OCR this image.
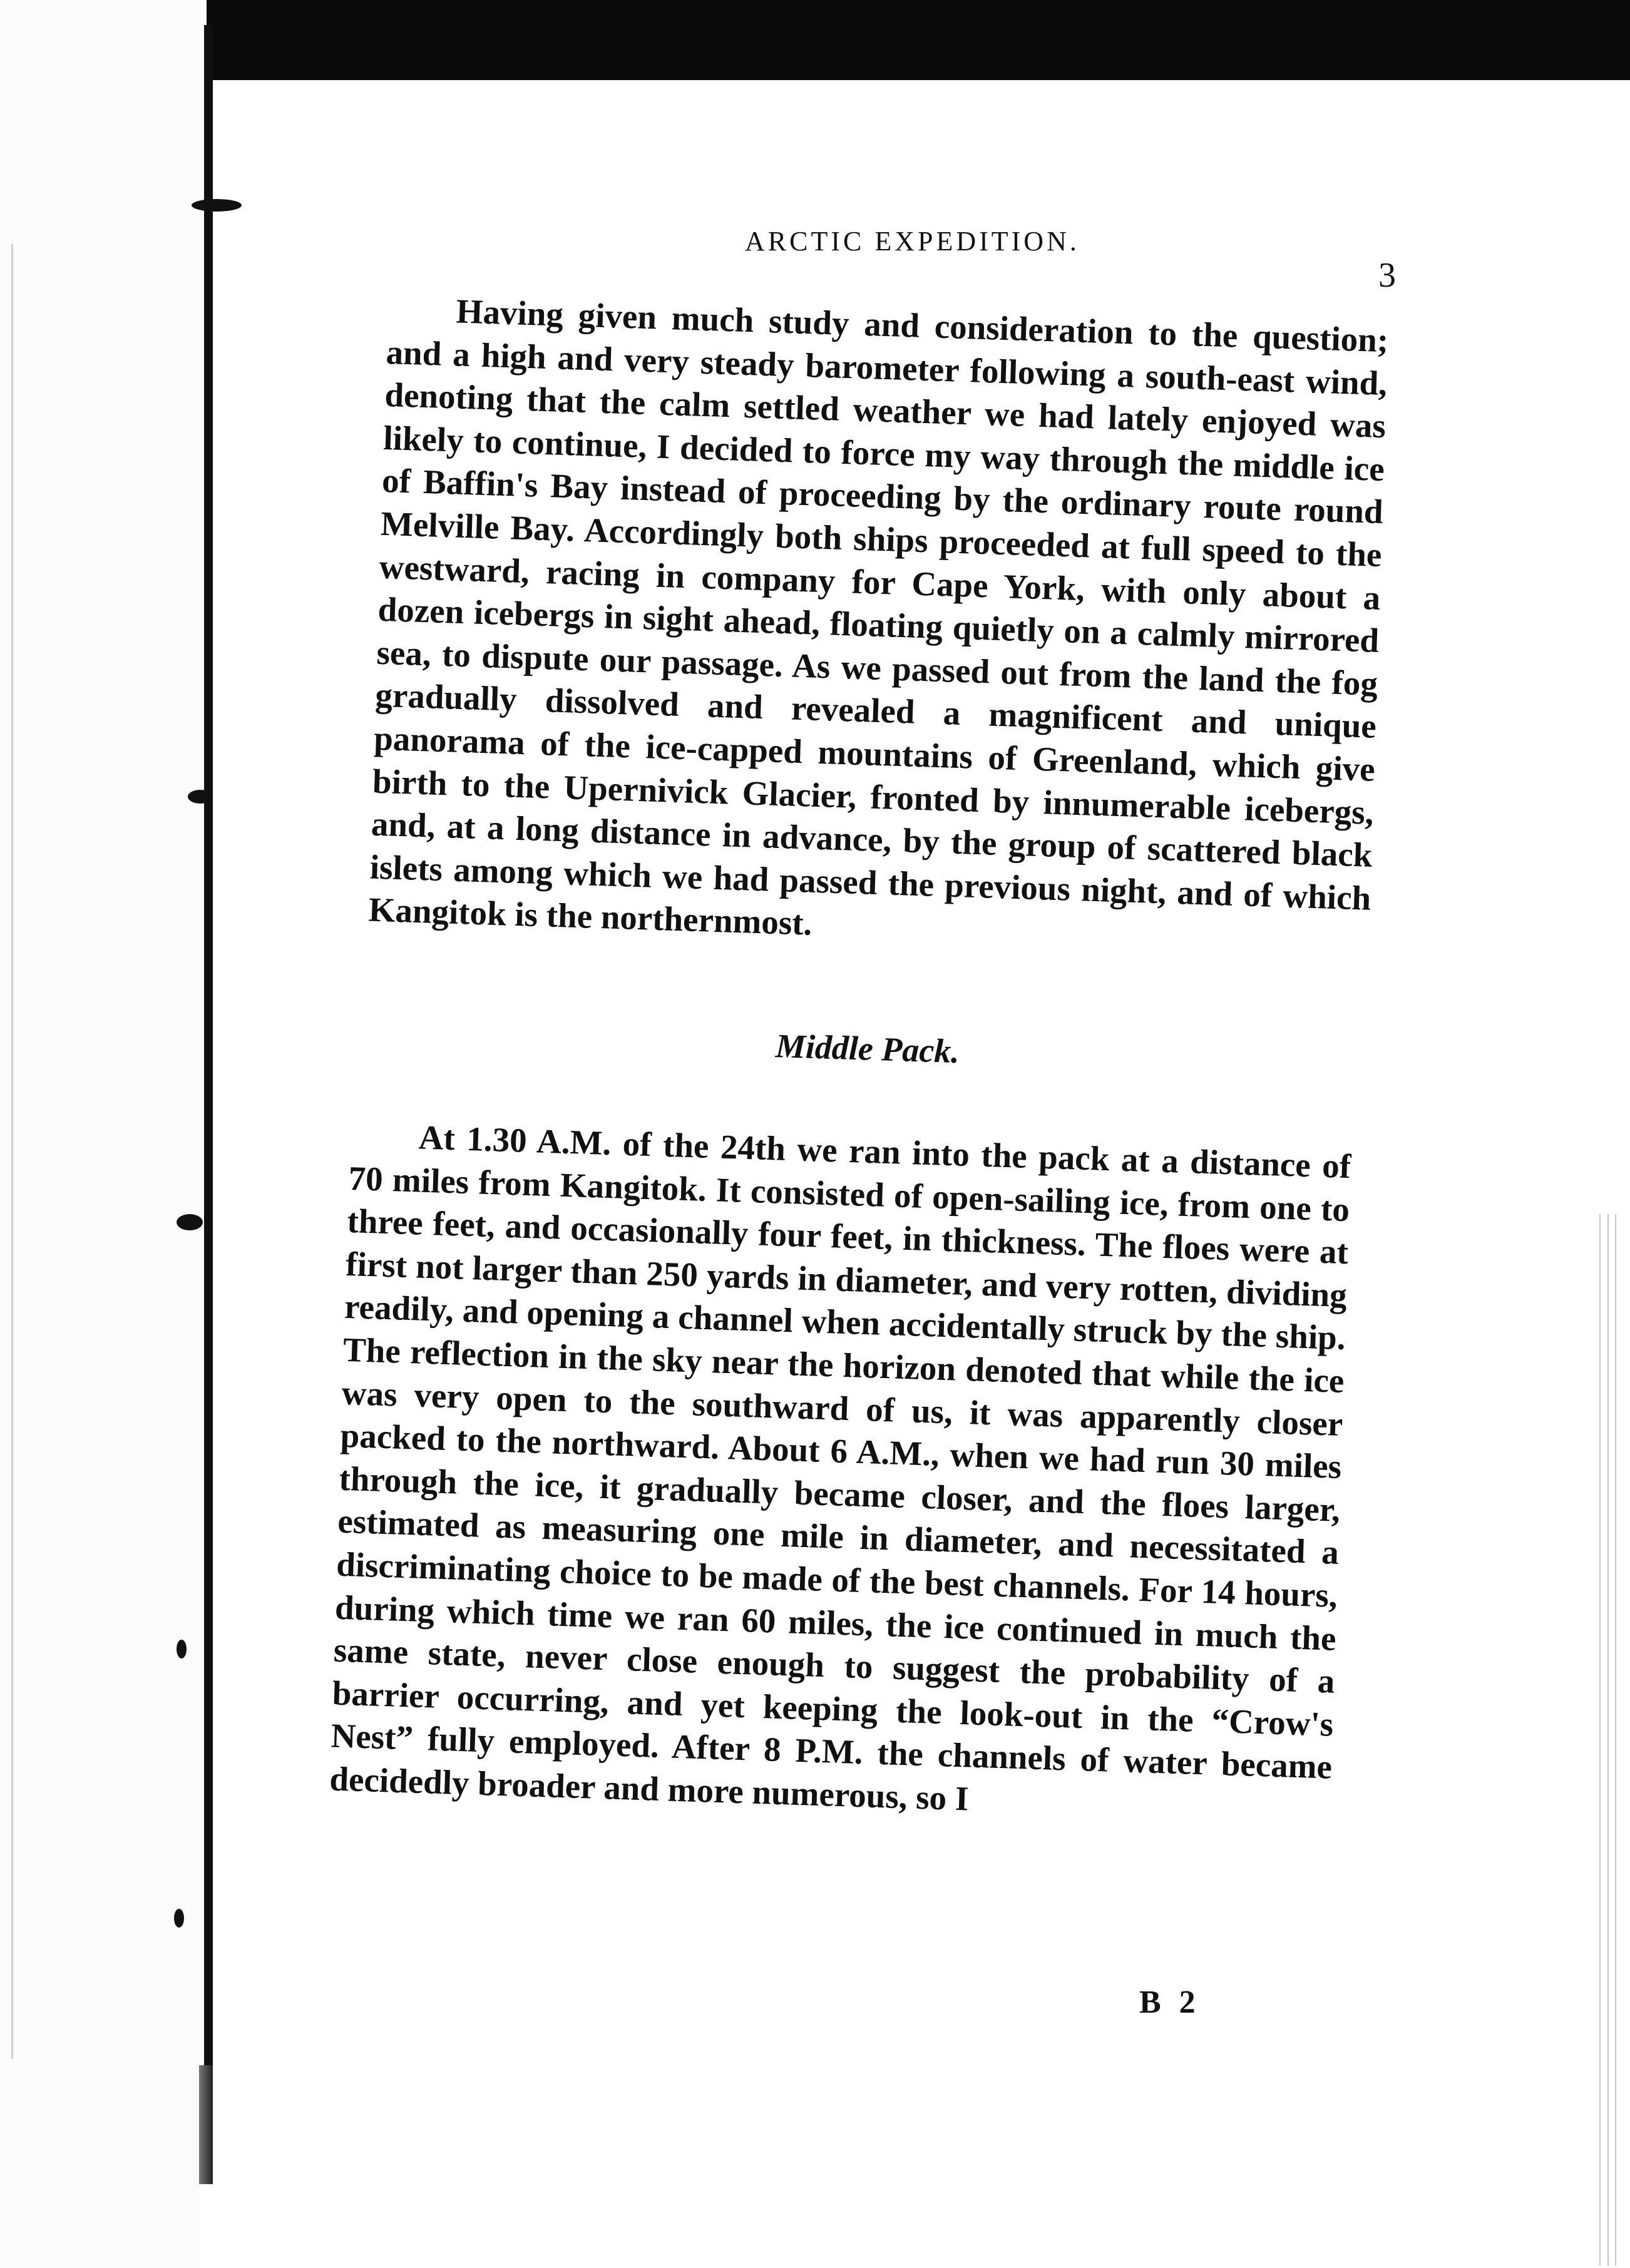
ARCTIC EXPEDITION.
3

Having given much study and consideration to the question; and a high and very steady barometer following a south-east wind, denoting that the calm settled weather we had lately enjoyed was likely to continue, I decided to force my way through the middle ice of Baffin's Bay instead of proceeding by the ordinary route round Melville Bay. Accordingly both ships proceeded at full speed to the westward, racing in company for Cape York, with only about a dozen icebergs in sight ahead, floating quietly on a calmly mirrored sea, to dispute our passage. As we passed out from the land the fog gradually dissolved and revealed a magnificent and unique panorama of the ice-capped mountains of Greenland, which give birth to the Upernivick Glacier, fronted by innumerable icebergs, and, at a long distance in advance, by the group of scattered black islets among which we had passed the previous night, and of which Kangitok is the northernmost.

Middle Pack.

At 1.30 A.M. of the 24th we ran into the pack at a distance of 70 miles from Kangitok. It consisted of open-sailing ice, from one to three feet, and occasionally four feet, in thickness. The floes were at first not larger than 250 yards in diameter, and very rotten, dividing readily, and opening a channel when accidentally struck by the ship. The reflection in the sky near the horizon denoted that while the ice was very open to the southward of us, it was apparently closer packed to the northward. About 6 A.M., when we had run 30 miles through the ice, it gradually became closer, and the floes larger, estimated as measuring one mile in diameter, and necessitated a discriminating choice to be made of the best channels. For 14 hours, during which time we ran 60 miles, the ice continued in much the same state, never close enough to suggest the probability of a barrier occurring, and yet keeping the look-out in the “Crow's Nest” fully employed. After 8 P.M. the channels of water became decidedly broader and more numerous, so I

B 2
